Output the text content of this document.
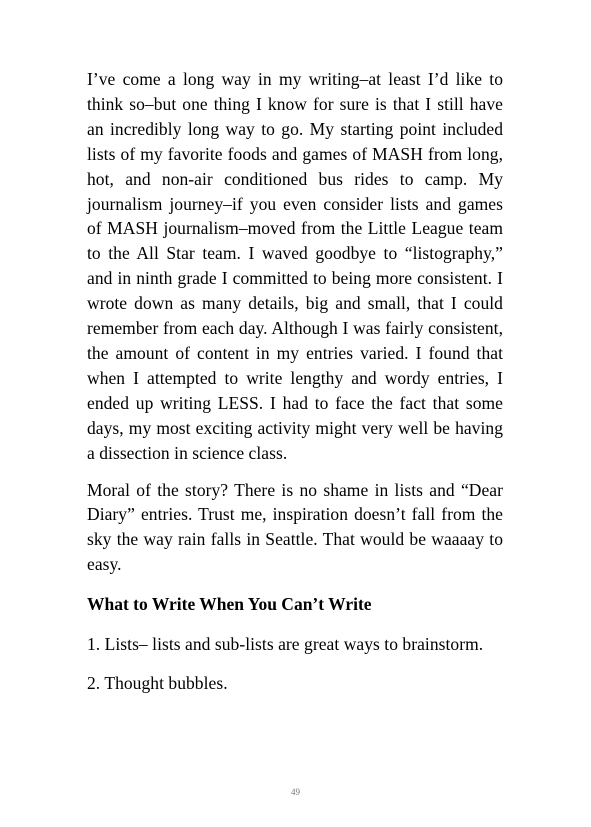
I’ve come a long way in my writing–at least I’d like to think so–but one thing I know for sure is that I still have an incredibly long way to go. My starting point included lists of my favorite foods and games of MASH from long, hot, and non-air conditioned bus rides to camp. My journalism journey–if you even consider lists and games of MASH journalism–moved from the Little League team to the All Star team. I waved goodbye to “listography,” and in ninth grade I committed to being more consistent. I wrote down as many details, big and small, that I could remember from each day. Although I was fairly consistent, the amount of content in my entries varied. I found that when I attempted to write lengthy and wordy entries, I ended up writing LESS. I had to face the fact that some days, my most exciting activity might very well be having a dissection in science class.

Moral of the story? There is no shame in lists and “Dear Diary” entries. Trust me, inspiration doesn’t fall from the sky the way rain falls in Seattle. That would be waaaay to easy.

What to Write When You Can’t Write

1. Lists– lists and sub-lists are great ways to brainstorm.

2. Thought bubbles.

49
